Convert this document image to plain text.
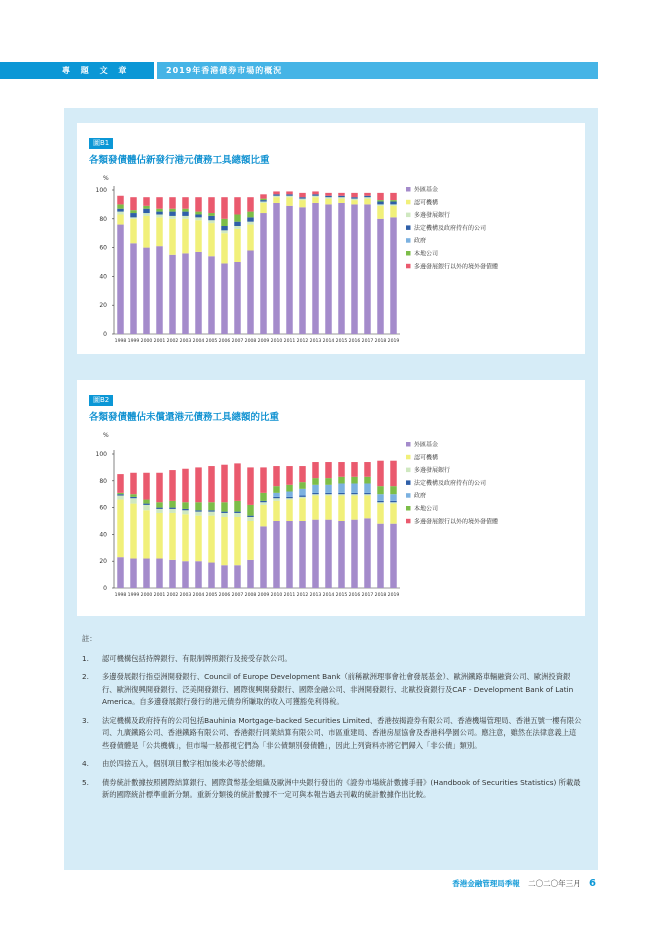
專 題 文 章	2019年香港債券市場的概況
圖B1
各類發債體佔新發行港元債務工具總額比重
%
0
20
40
60
80
100
1998 1999 2000 2001 2002 2003 2004 2005 2006 2007 2008 2009 2010 2011 2012 2013 2014 2015 2016 2017 2018 2019
外匯基金
認可機構
多邊發展銀行
法定機構及政府持有的公司
政府
本地公司
多邊發展銀行以外的境外發債體
圖B2
各類發債體佔未償還港元債務工具總額的比重
%
0
20
40
60
80
100
1998 1999 2000 2001 2002 2003 2004 2005 2006 2007 2008 2009 2010 2011 2012 2013 2014 2015 2016 2017 2018 2019
外匯基金
認可機構
多邊發展銀行
法定機構及政府持有的公司
政府
本地公司
多邊發展銀行以外的境外發債體
註：
1. 認可機構包括持牌銀行、有限制牌照銀行及接受存款公司。
2. 多邊發展銀行指亞洲開發銀行、Council of Europe Development Bank（前稱歐洲理事會社會發展基金）、歐洲鐵路車輛融資公司、歐洲投資銀行、歐洲復興開發銀行、泛美開發銀行、國際復興開發銀行、國際金融公司、非洲開發銀行、北歐投資銀行及CAF - Development Bank of Latin America。自多邊發展銀行發行的港元債券所賺取的收入可獲豁免利得稅。
3. 法定機構及政府持有的公司包括Bauhinia Mortgage-backed Securities Limited、香港按揭證券有限公司、香港機場管理局、香港五號一樓有限公司、九廣鐵路公司、香港鐵路有限公司、香港銀行同業結算有限公司、市區重建局、香港房屋協會及香港科學園公司。應注意，雖然在法律意義上這些發債體是「公共機構」，但市場一般都視它們為「非公債類別發債體」，因此上列資料亦將它們歸入「非公債」類別。
4. 由於四捨五入，個別項目數字相加後未必等於總額。
5. 債券統計數據按照國際結算銀行、國際貨幣基金組織及歐洲中央銀行發出的《證券市場統計數據手冊》(Handbook of Securities Statistics) 所載最新的國際統計標準重新分類。重新分類後的統計數據不一定可與本報告過去刊載的統計數據作出比較。
香港金融管理局季報 二〇二〇年三月 6
